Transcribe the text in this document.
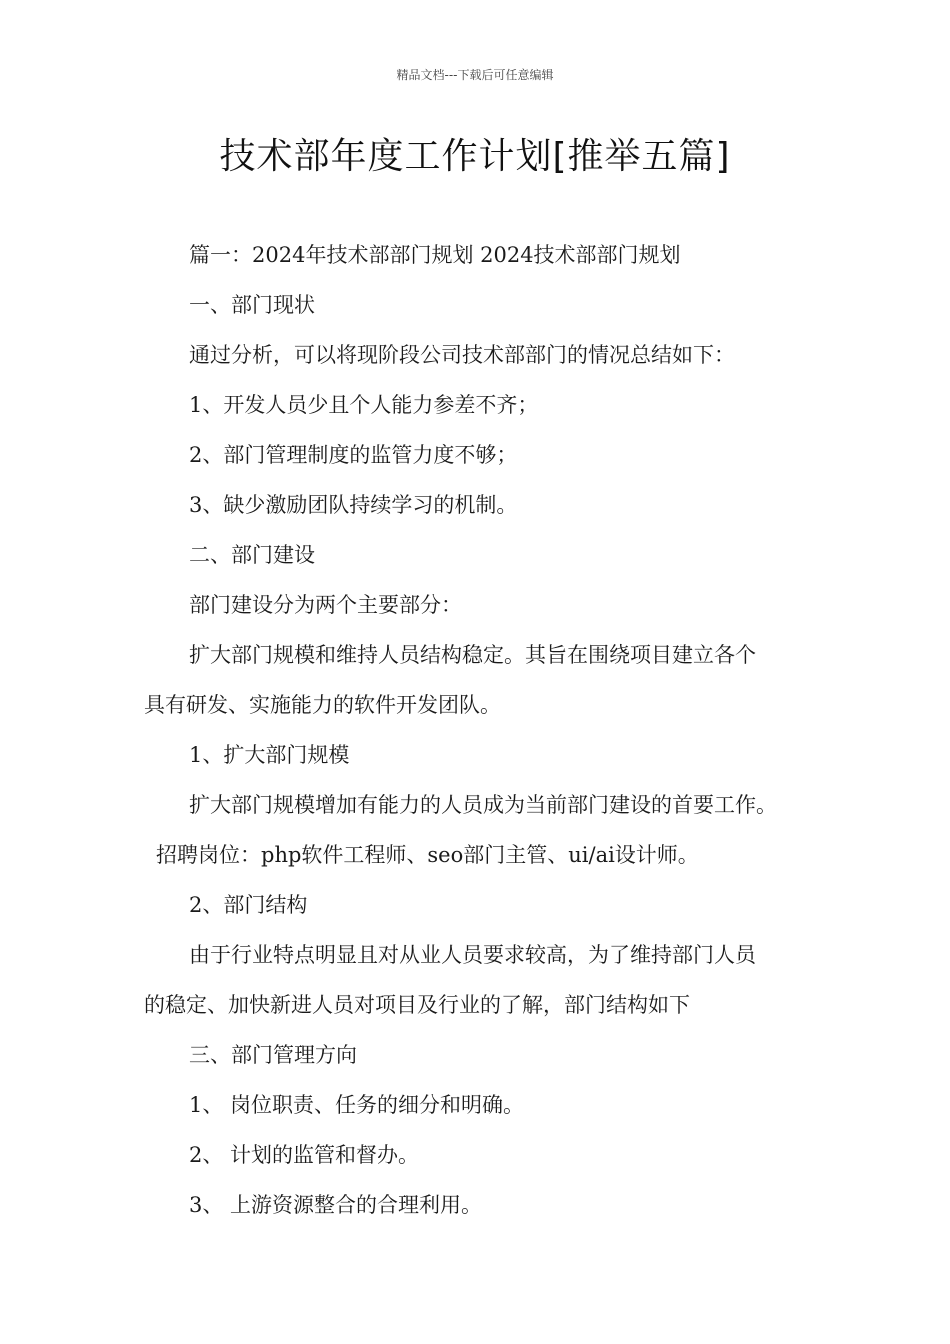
精品文档---下载后可任意编辑
技术部年度工作计划[推举五篇]

篇一：2024年技术部部门规划 2024技术部部门规划

一、部门现状

通过分析，可以将现阶段公司技术部部门的情况总结如下：

1、开发人员少且个人能力参差不齐；

2、部门管理制度的监管力度不够；

3、缺少激励团队持续学习的机制。

二、部门建设

部门建设分为两个主要部分：

扩大部门规模和维持人员结构稳定。其旨在围绕项目建立各个
具有研发、实施能力的软件开发团队。

1、扩大部门规模

扩大部门规模增加有能力的人员成为当前部门建设的首要工作。

招聘岗位：php软件工程师、seo部门主管、ui/ai设计师。

2、部门结构

由于行业特点明显且对从业人员要求较高，为了维持部门人员
的稳定、加快新进人员对项目及行业的了解，部门结构如下

三、部门管理方向

1、 岗位职责、任务的细分和明确。

2、 计划的监管和督办。

3、 上游资源整合的合理利用。
